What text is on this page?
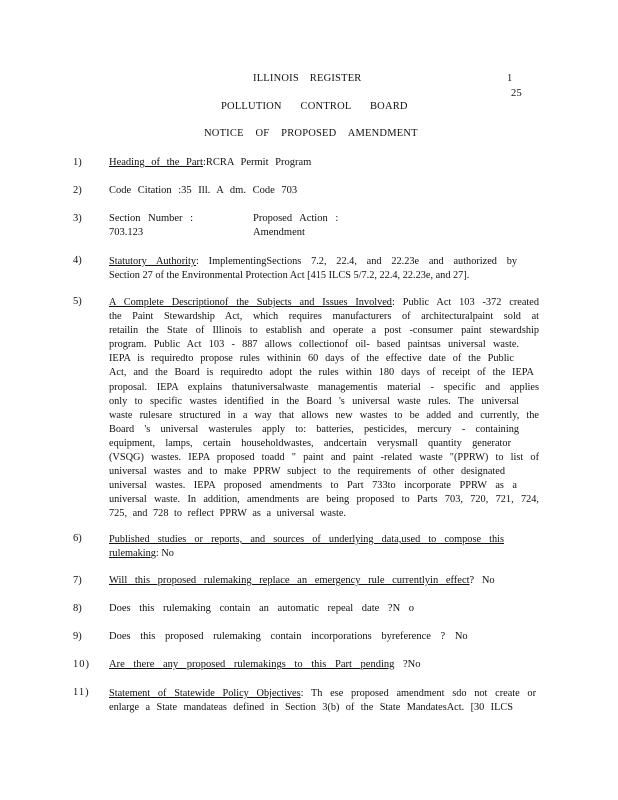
ILLINOIS REGISTER	1
25
POLLUTION CONTROL BOARD
NOTICE OF PROPOSED AMENDMENT
1)	Heading of the Part:RCRA Permit Program
2)	Code Citation :35 Ill. A dm. Code 703
3)	Section Number :
703.123
Proposed Action :
Amendment
4)	Statutory Authority: ImplementingSections 7.2, 22.4, and 22.23e and authorized by
Section 27 of the Environmental Protection Act [415 ILCS 5/7.2, 22.4, 22.23e, and 27].
5)	A Complete Descriptionof the Subjects and Issues Involved: Public Act 103 -372 created
the Paint Stewardship Act, which requires manufacturers of architecturalpaint sold at
retailin the State of Illinois to establish and operate a post -consumer paint stewardship
program. Public Act 103 - 887 allows collectionof oil- based paintsas universal waste.
IEPA is requiredto propose rules withinin 60 days of the effective date of the Public
Act, and the Board is requiredto adopt the rules within 180 days of receipt of the IEPA
proposal. IEPA explains thatuniversalwaste managementis material - specific and applies
only to specific wastes identified in the Board 's universal waste rules. The universal
waste rulesare structured in a way that allows new wastes to be added and currently, the
Board 's universal wasterules apply to: batteries, pesticides, mercury - containing
equipment, lamps, certain householdwastes, andcertain verysmall quantity generator
(VSQG) wastes. IEPA proposed toadd " paint and paint -related waste "(PPRW) to list of
universal wastes and to make PPRW subject to the requirements of other designated
universal wastes. IEPA proposed amendments to Part 733to incorporate PPRW as a
universal waste. In addition, amendments are being proposed to Parts 703, 720, 721, 724,
725, and 728 to reflect PPRW as a universal waste.
6)	Published studies or reports, and sources of underlying data,used to compose this
rulemaking: No
7)	Will this proposed rulemaking replace an emergency rule currentlyin effect? No
8)	Does this rulemaking contain an automatic repeal date ?N o
9)	Does this proposed rulemaking contain incorporations byreference ? No
10)	Are there any proposed rulemakings to this Part pending ?No
11)	Statement of Statewide Policy Objectives: Th ese proposed amendment sdo not create or
enlarge a State mandateas defined in Section 3(b) of the State MandatesAct. [30 ILCS
